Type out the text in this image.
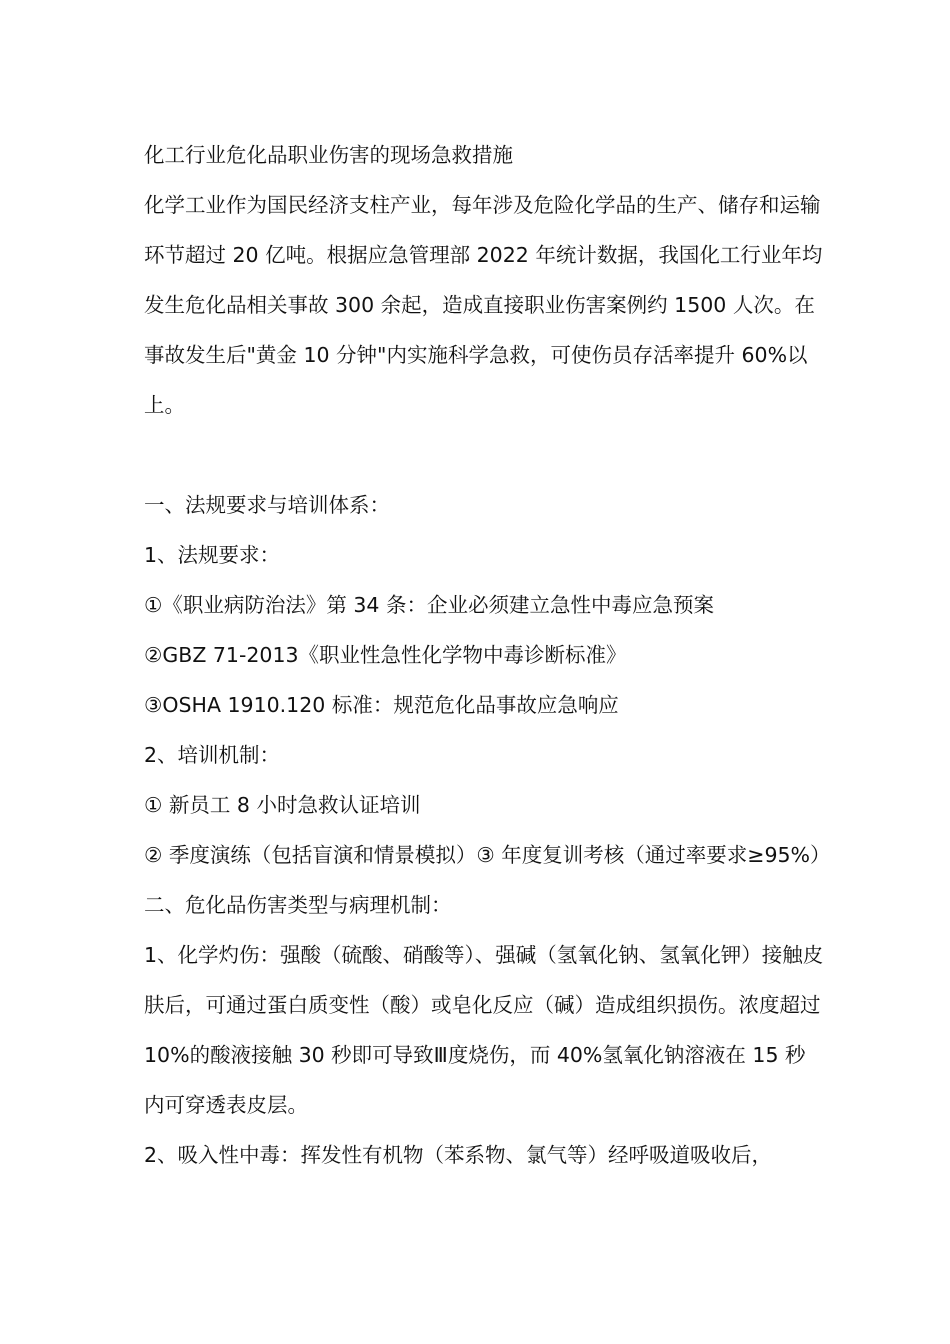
化工行业危化品职业伤害的现场急救措施

化学工业作为国民经济支柱产业，每年涉及危险化学品的生产、储存和运输环节超过 20 亿吨。根据应急管理部 2022 年统计数据，我国化工行业年均发生危化品相关事故 300 余起，造成直接职业伤害案例约 1500 人次。在事故发生后"黄金 10 分钟"内实施科学急救，可使伤员存活率提升 60%以上。

一、法规要求与培训体系：

1、法规要求：

①《职业病防治法》第 34 条：企业必须建立急性中毒应急预案

②GBZ 71-2013《职业性急性化学物中毒诊断标准》

③OSHA 1910.120 标准：规范危化品事故应急响应

2、培训机制：

① 新员工 8 小时急救认证培训

② 季度演练（包括盲演和情景模拟）③ 年度复训考核（通过率要求≥95%）

二、危化品伤害类型与病理机制：

1、化学灼伤：强酸（硫酸、硝酸等）、强碱（氢氧化钠、氢氧化钾）接触皮肤后，可通过蛋白质变性（酸）或皂化反应（碱）造成组织损伤。浓度超过 10%的酸液接触 30 秒即可导致Ⅲ度烧伤，而 40%氢氧化钠溶液在 15 秒内可穿透表皮层。

2、吸入性中毒：挥发性有机物（苯系物、氯气等）经呼吸道吸收后，
